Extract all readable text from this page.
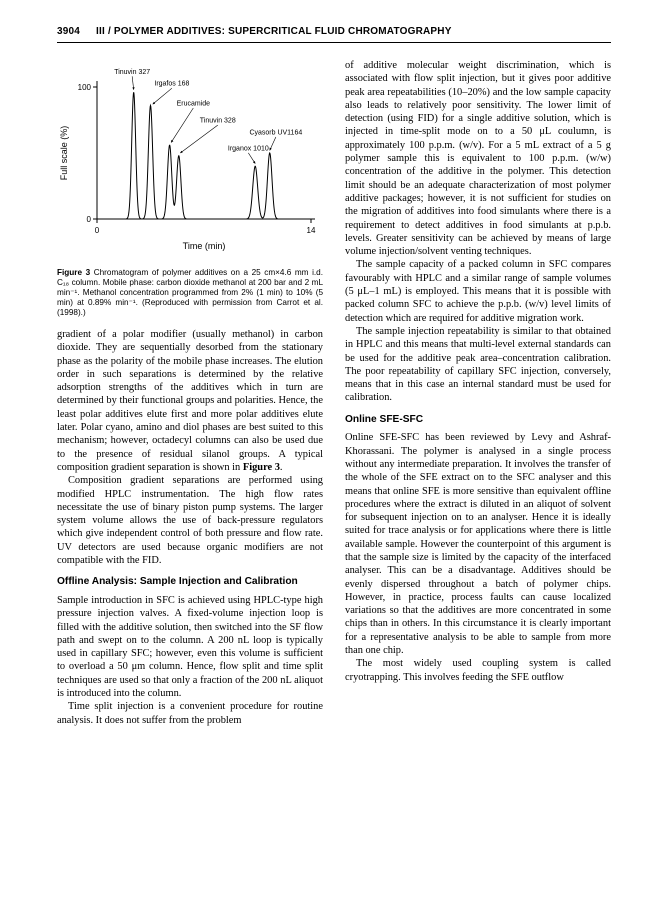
3904 III / POLYMER ADDITIVES: SUPERCRITICAL FLUID CHROMATOGRAPHY
0
100
0	14
Time (min)
Full scale (%)
Tinuvin 327
Irgafos 168
Erucamide
Tinuvin 328
Cyasorb UV1164
Irganox 1010
Figure 3 Chromatogram of polymer additives on a 25 cm×4.6 mm i.d. C₁₈ column. Mobile phase: carbon dioxide methanol at 200 bar and 2 mL min⁻¹. Methanol concentration programmed from 2% (1 min) to 10% (5 min) at 0.89% min⁻¹. (Reproduced with permission from Carrot et al. (1998).)

gradient of a polar modifier (usually methanol) in carbon dioxide. They are sequentially desorbed from the stationary phase as the polarity of the mobile phase increases. The elution order in such separations is determined by the relative adsorption strengths of the additives which in turn are determined by their functional groups and polarities. Hence, the least polar additives elute first and more polar additives elute later. Polar cyano, amino and diol phases are best suited to this mechanism; however, octadecyl columns can also be used due to the presence of residual silanol groups. A typical composition gradient separation is shown in Figure 3.

Composition gradient separations are performed using modified HPLC instrumentation. The high flow rates necessitate the use of binary piston pump systems. The larger system volume allows the use of back-pressure regulators which give independent control of both pressure and flow rate. UV detectors are used because organic modifiers are not compatible with the FID.

Offline Analysis: Sample Injection and Calibration

Sample introduction in SFC is achieved using HPLC-type high pressure injection valves. A fixed-volume injection loop is filled with the additive solution, then switched into the SF flow path and swept on to the column. A 200 nL loop is typically used in capillary SFC; however, even this volume is sufficient to overload a 50 μm column. Hence, flow split and time split techniques are used so that only a fraction of the 200 nL aliquot is introduced into the column.

Time split injection is a convenient procedure for routine analysis. It does not suffer from the problem

of additive molecular weight discrimination, which is associated with flow split injection, but it gives poor additive peak area repeatabilities (10–20%) and the low sample capacity also leads to relatively poor sensitivity. The lower limit of detection (using FID) for a single additive solution, which is injected in time-split mode on to a 50 μL coulumn, is approximately 100 p.p.m. (w/v). For a 5 mL extract of a 5 g polymer sample this is equivalent to 100 p.p.m. (w/w) concentration of the additive in the polymer. This detection limit should be an adequate characterization of most polymer additive packages; however, it is not sufficient for studies on the migration of additives into food simulants where there is a requirement to detect additives in food simulants at p.p.b. levels. Greater sensitivity can be achieved by means of large volume injection/solvent venting techniques.

The sample capacity of a packed column in SFC compares favourably with HPLC and a similar range of sample volumes (5 μL–1 mL) is employed. This means that it is possible with packed column SFC to achieve the p.p.b. (w/v) level limits of detection which are required for additive migration work.

The sample injection repeatability is similar to that obtained in HPLC and this means that multi-level external standards can be used for the additive peak area–concentration calibration. The poor repeatability of capillary SFC injection, conversely, means that in this case an internal standard must be used for calibration.

Online SFE-SFC

Online SFE-SFC has been reviewed by Levy and Ashraf-Khorassani. The polymer is analysed in a single process without any intermediate preparation. It involves the transfer of the whole of the SFE extract on to the SFC analyser and this means that online SFE is more sensitive than equivalent offline procedures where the extract is diluted in an aliquot of solvent for subsequent injection on to an analyser. Hence it is ideally suited for trace analysis or for applications where there is little available sample. However the counterpoint of this argument is that the sample size is limited by the capacity of the interfaced analyser. This can be a disadvantage. Additives should be evenly dispersed throughout a batch of polymer chips. However, in practice, process faults can cause localized variations so that the additives are more concentrated in some chips than in others. In this circumstance it is clearly important for a representative analysis to be able to sample from more than one chip.

The most widely used coupling system is called cryotrapping. This involves feeding the SFE outflow
